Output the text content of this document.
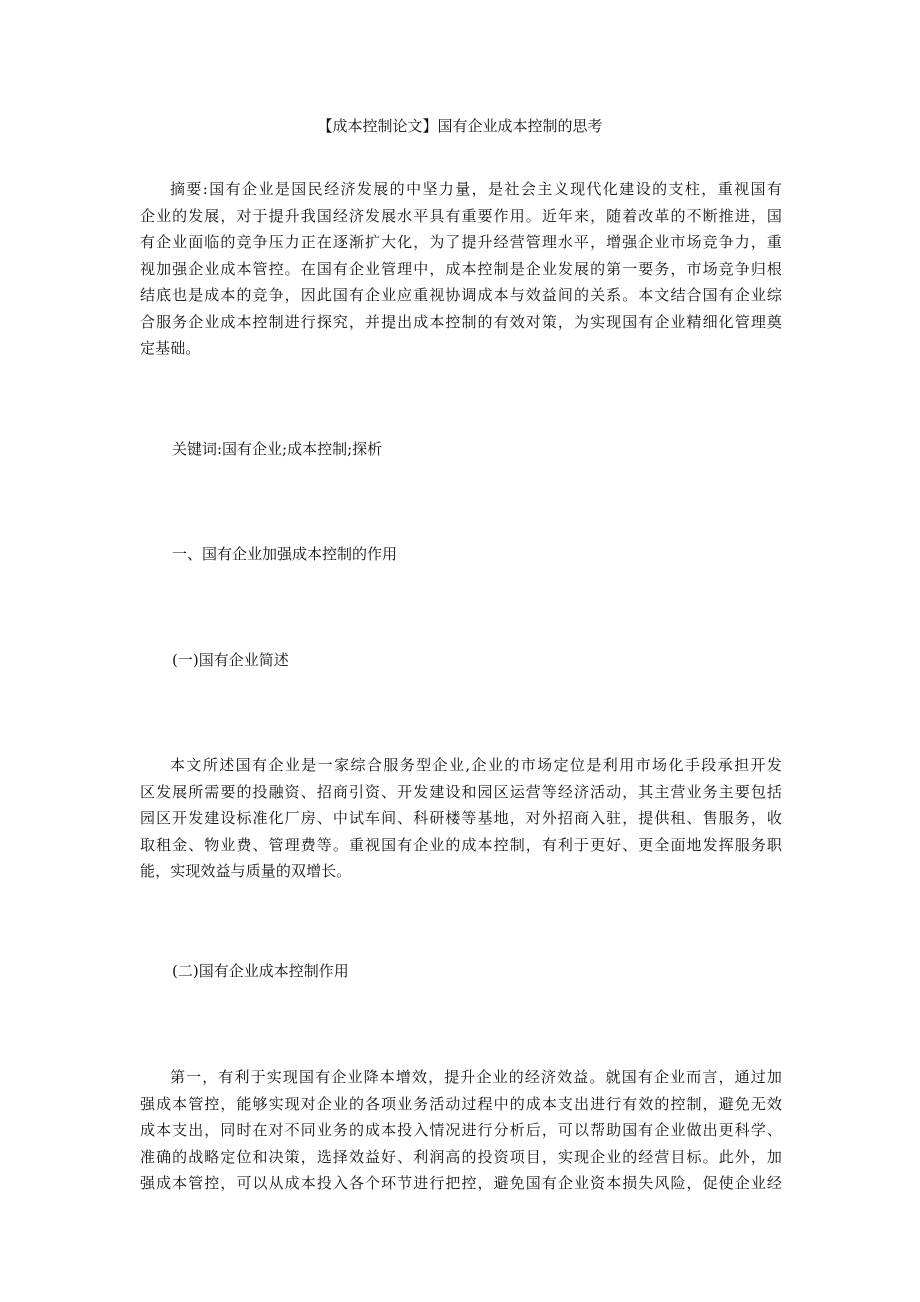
【成本控制论文】国有企业成本控制的思考
摘要:国有企业是国民经济发展的中坚力量，是社会主义现代化建设的支柱，重视国有
企业的发展，对于提升我国经济发展水平具有重要作用。近年来，随着改革的不断推进，国
有企业面临的竞争压力正在逐渐扩大化，为了提升经营管理水平，增强企业市场竞争力，重
视加强企业成本管控。在国有企业管理中，成本控制是企业发展的第一要务，市场竞争归根
结底也是成本的竞争，因此国有企业应重视协调成本与效益间的关系。本文结合国有企业综
合服务企业成本控制进行探究，并提出成本控制的有效对策，为实现国有企业精细化管理奠
定基础。

关键词:国有企业;成本控制;探析

一、国有企业加强成本控制的作用

(一)国有企业简述

本文所述国有企业是一家综合服务型企业,企业的市场定位是利用市场化手段承担开发
区发展所需要的投融资、招商引资、开发建设和园区运营等经济活动，其主营业务主要包括
园区开发建设标准化厂房、中试车间、科研楼等基地，对外招商入驻，提供租、售服务，收
取租金、物业费、管理费等。重视国有企业的成本控制，有利于更好、更全面地发挥服务职
能，实现效益与质量的双增长。

(二)国有企业成本控制作用

第一，有利于实现国有企业降本增效，提升企业的经济效益。就国有企业而言，通过加
强成本管控，能够实现对企业的各项业务活动过程中的成本支出进行有效的控制，避免无效
成本支出，同时在对不同业务的成本投入情况进行分析后，可以帮助国有企业做出更科学、
准确的战略定位和决策，选择效益好、利润高的投资项目，实现企业的经营目标。此外，加
强成本管控，可以从成本投入各个环节进行把控，避免国有企业资本损失风险，促使企业经
